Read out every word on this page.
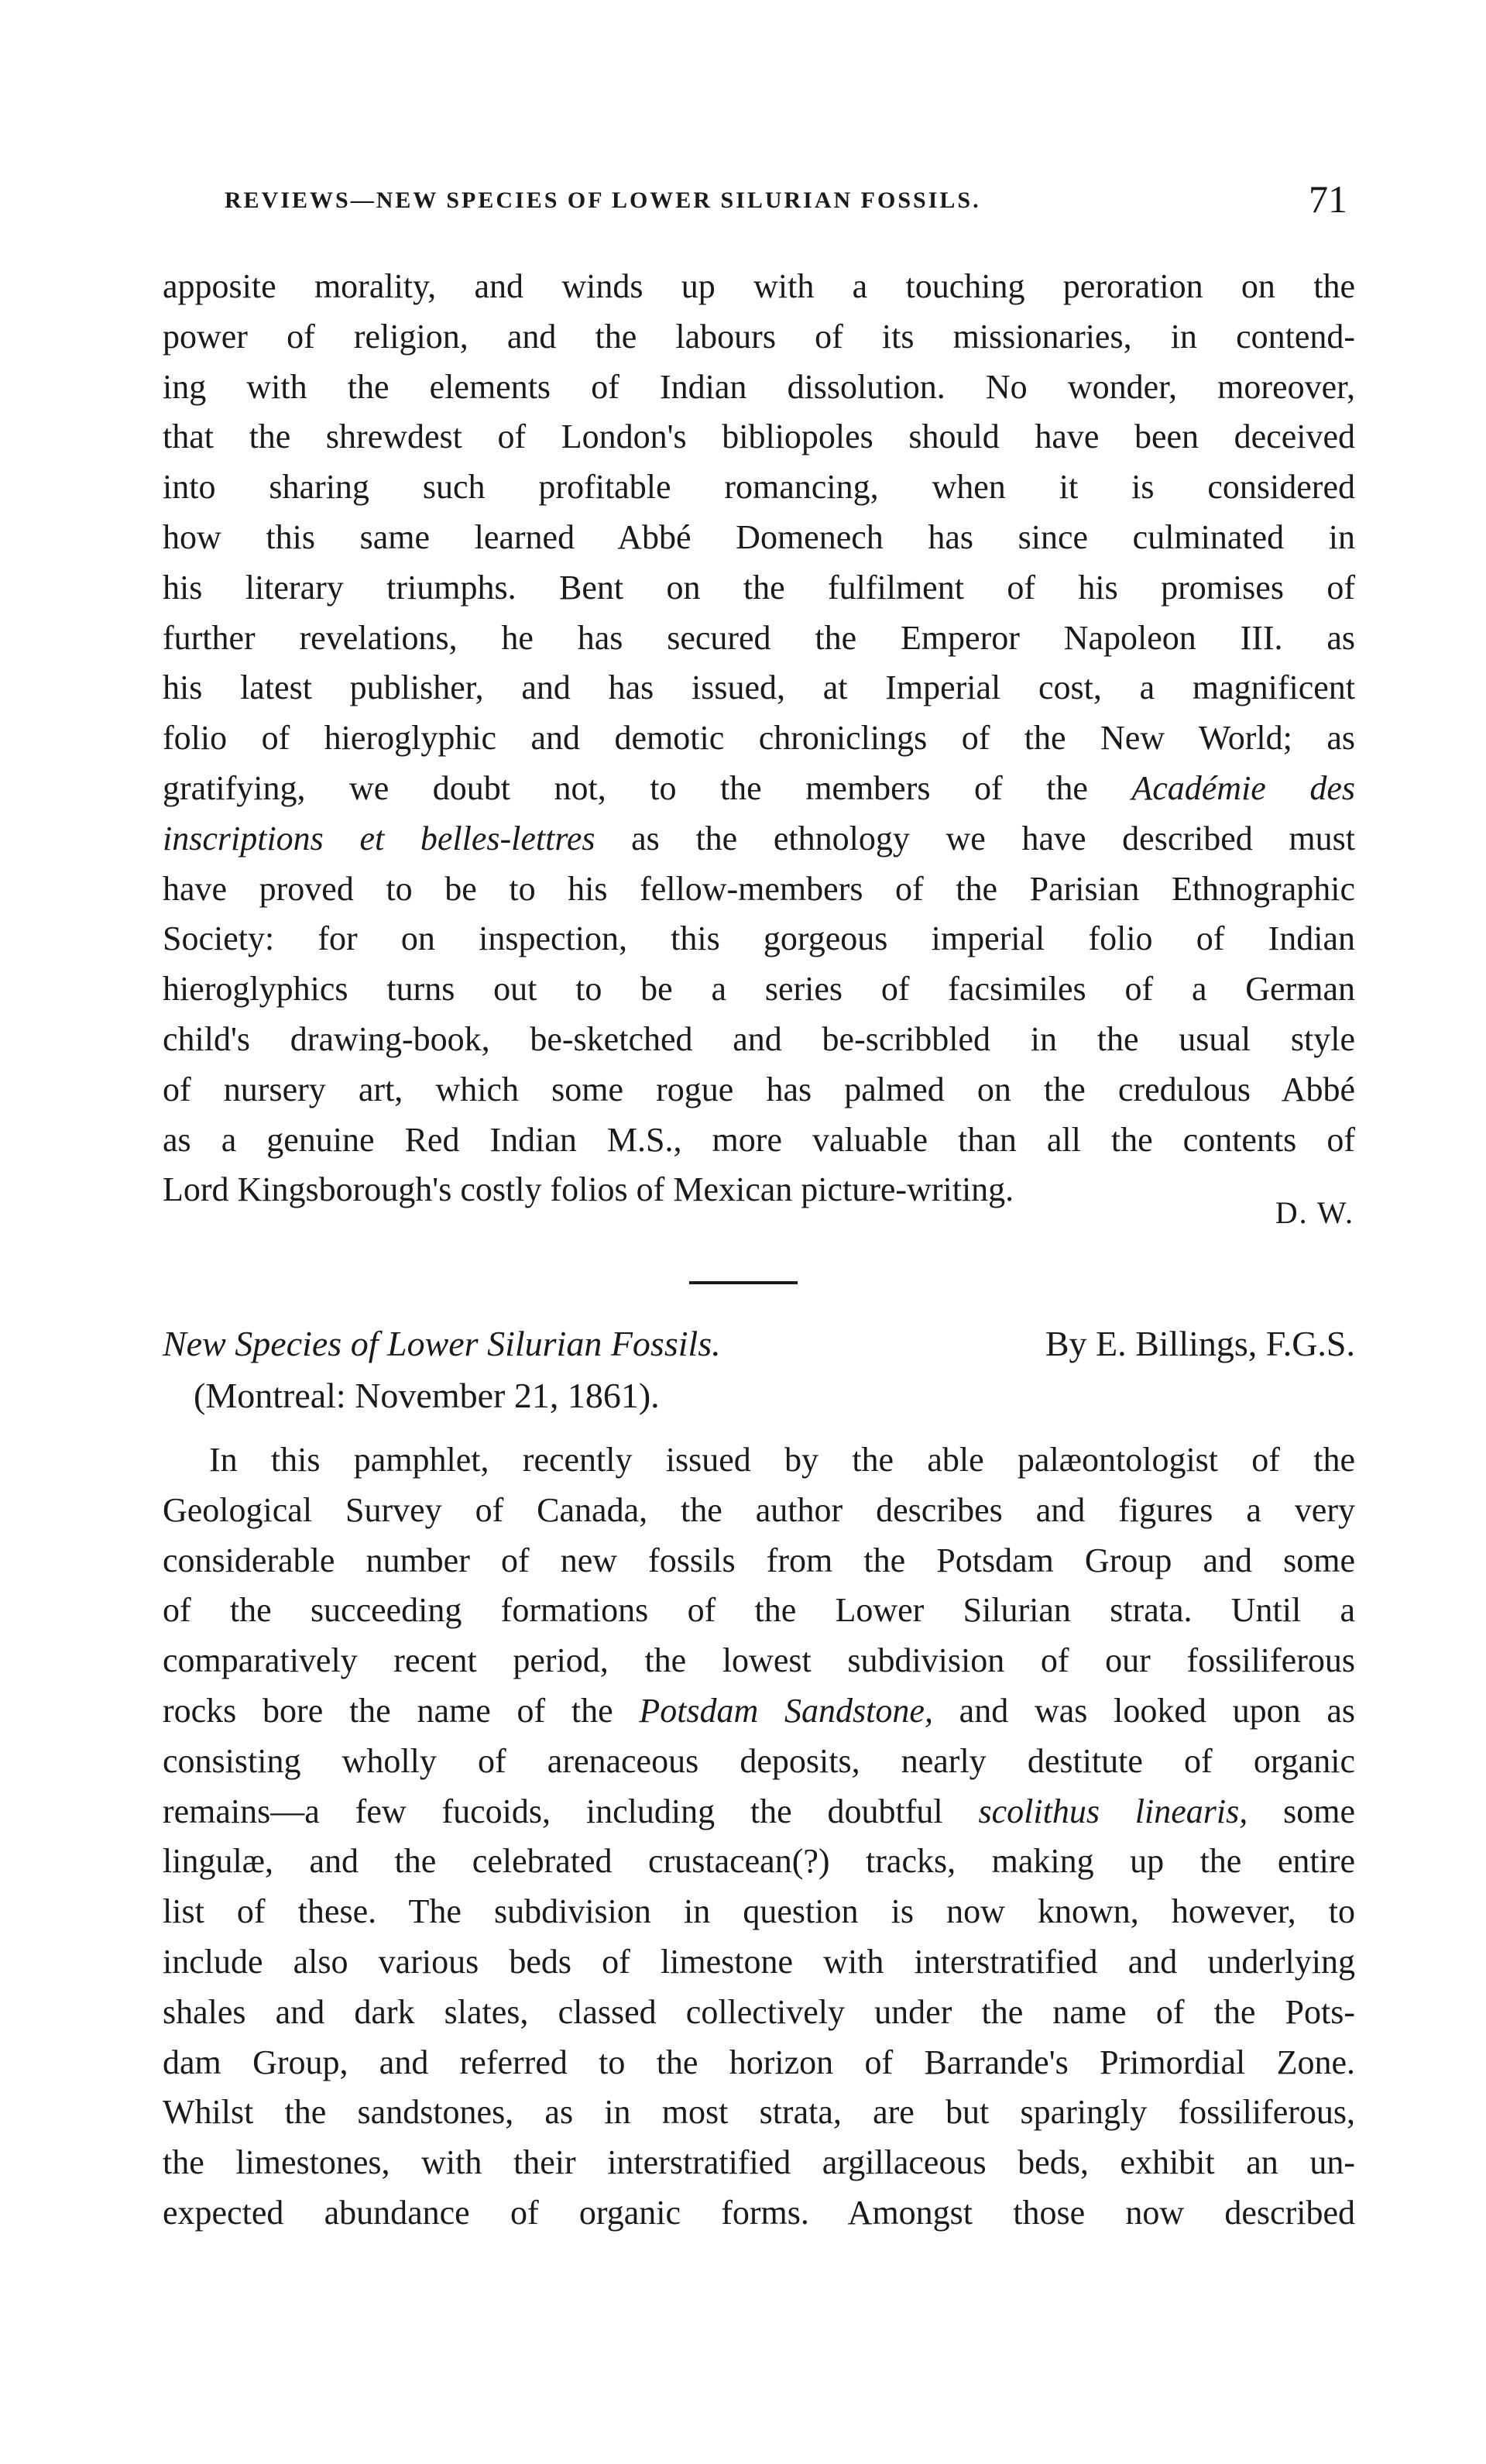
REVIEWS—NEW SPECIES OF LOWER SILURIAN FOSSILS.	71
apposite morality, and winds up with a touching peroration on the
power of religion, and the labours of its missionaries, in contend-
ing with the elements of Indian dissolution. No wonder, moreover,
that the shrewdest of London's bibliopoles should have been deceived
into sharing such profitable romancing, when it is considered
how this same learned Abbé Domenech has since culminated in
his literary triumphs. Bent on the fulfilment of his promises of
further revelations, he has secured the Emperor Napoleon III. as
his latest publisher, and has issued, at Imperial cost, a magnificent
folio of hieroglyphic and demotic chroniclings of the New World; as
gratifying, we doubt not, to the members of the Académie des
inscriptions et belles-lettres as the ethnology we have described must
have proved to be to his fellow-members of the Parisian Ethnographic
Society: for on inspection, this gorgeous imperial folio of Indian
hieroglyphics turns out to be a series of facsimiles of a German
child's drawing-book, be-sketched and be-scribbled in the usual style
of nursery art, which some rogue has palmed on the credulous Abbé
as a genuine Red Indian M.S., more valuable than all the contents of
Lord Kingsborough's costly folios of Mexican picture-writing.
D. W.
New Species of Lower Silurian Fossils.	By E. Billings, F.G.S.
(Montreal: November 21, 1861).
In this pamphlet, recently issued by the able palæontologist of the
Geological Survey of Canada, the author describes and figures a very
considerable number of new fossils from the Potsdam Group and some
of the succeeding formations of the Lower Silurian strata. Until a
comparatively recent period, the lowest subdivision of our fossiliferous
rocks bore the name of the Potsdam Sandstone, and was looked upon as
consisting wholly of arenaceous deposits, nearly destitute of organic
remains—a few fucoids, including the doubtful scolithus linearis, some
lingulæ, and the celebrated crustacean(?) tracks, making up the entire
list of these. The subdivision in question is now known, however, to
include also various beds of limestone with interstratified and underlying
shales and dark slates, classed collectively under the name of the Pots-
dam Group, and referred to the horizon of Barrande's Primordial Zone.
Whilst the sandstones, as in most strata, are but sparingly fossiliferous,
the limestones, with their interstratified argillaceous beds, exhibit an un-
expected abundance of organic forms. Amongst those now described
